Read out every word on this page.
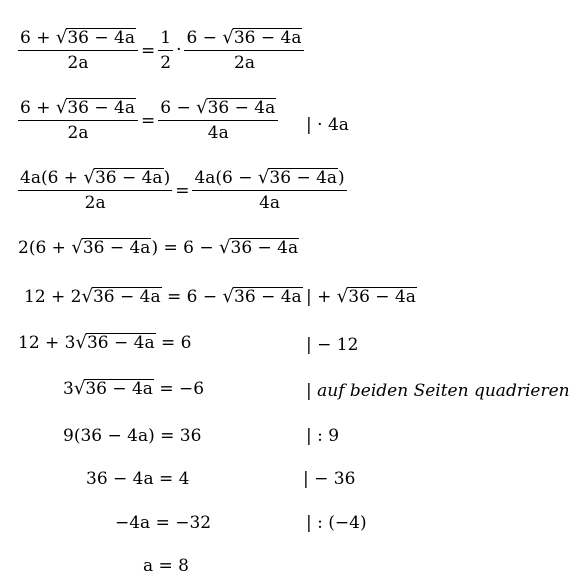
$\frac{6 + √ 36 - 4a}{2a} = \frac{1}{2} \cdot \frac{6 - √ 36 - 4a}{2a}$
$\frac{6 + √ 36 - 4a}{2a} = \frac{6 - √ 36 - 4a}{4a}$ | · 4a
$\frac{4a(6 + √ 36 - 4a )}{2a} = \frac{4a(6 - √ 36 - 4a )}{4a}$
2(6 + √ 36 − 4a ) = 6 − √ 36 − 4a
12 + 2 √ 36 − 4a = 6 − √ 36 − 4a | + √ 36 − 4a
12 + 3 √ 36 − 4a = 6	| − 12
3 √ 36 − 4a = −6	| auf beiden Seiten quadrieren
9(36 − 4a) = 36	| : 9
36 − 4a = 4	| − 36
−4a = −32	| : (−4)
a = 8
